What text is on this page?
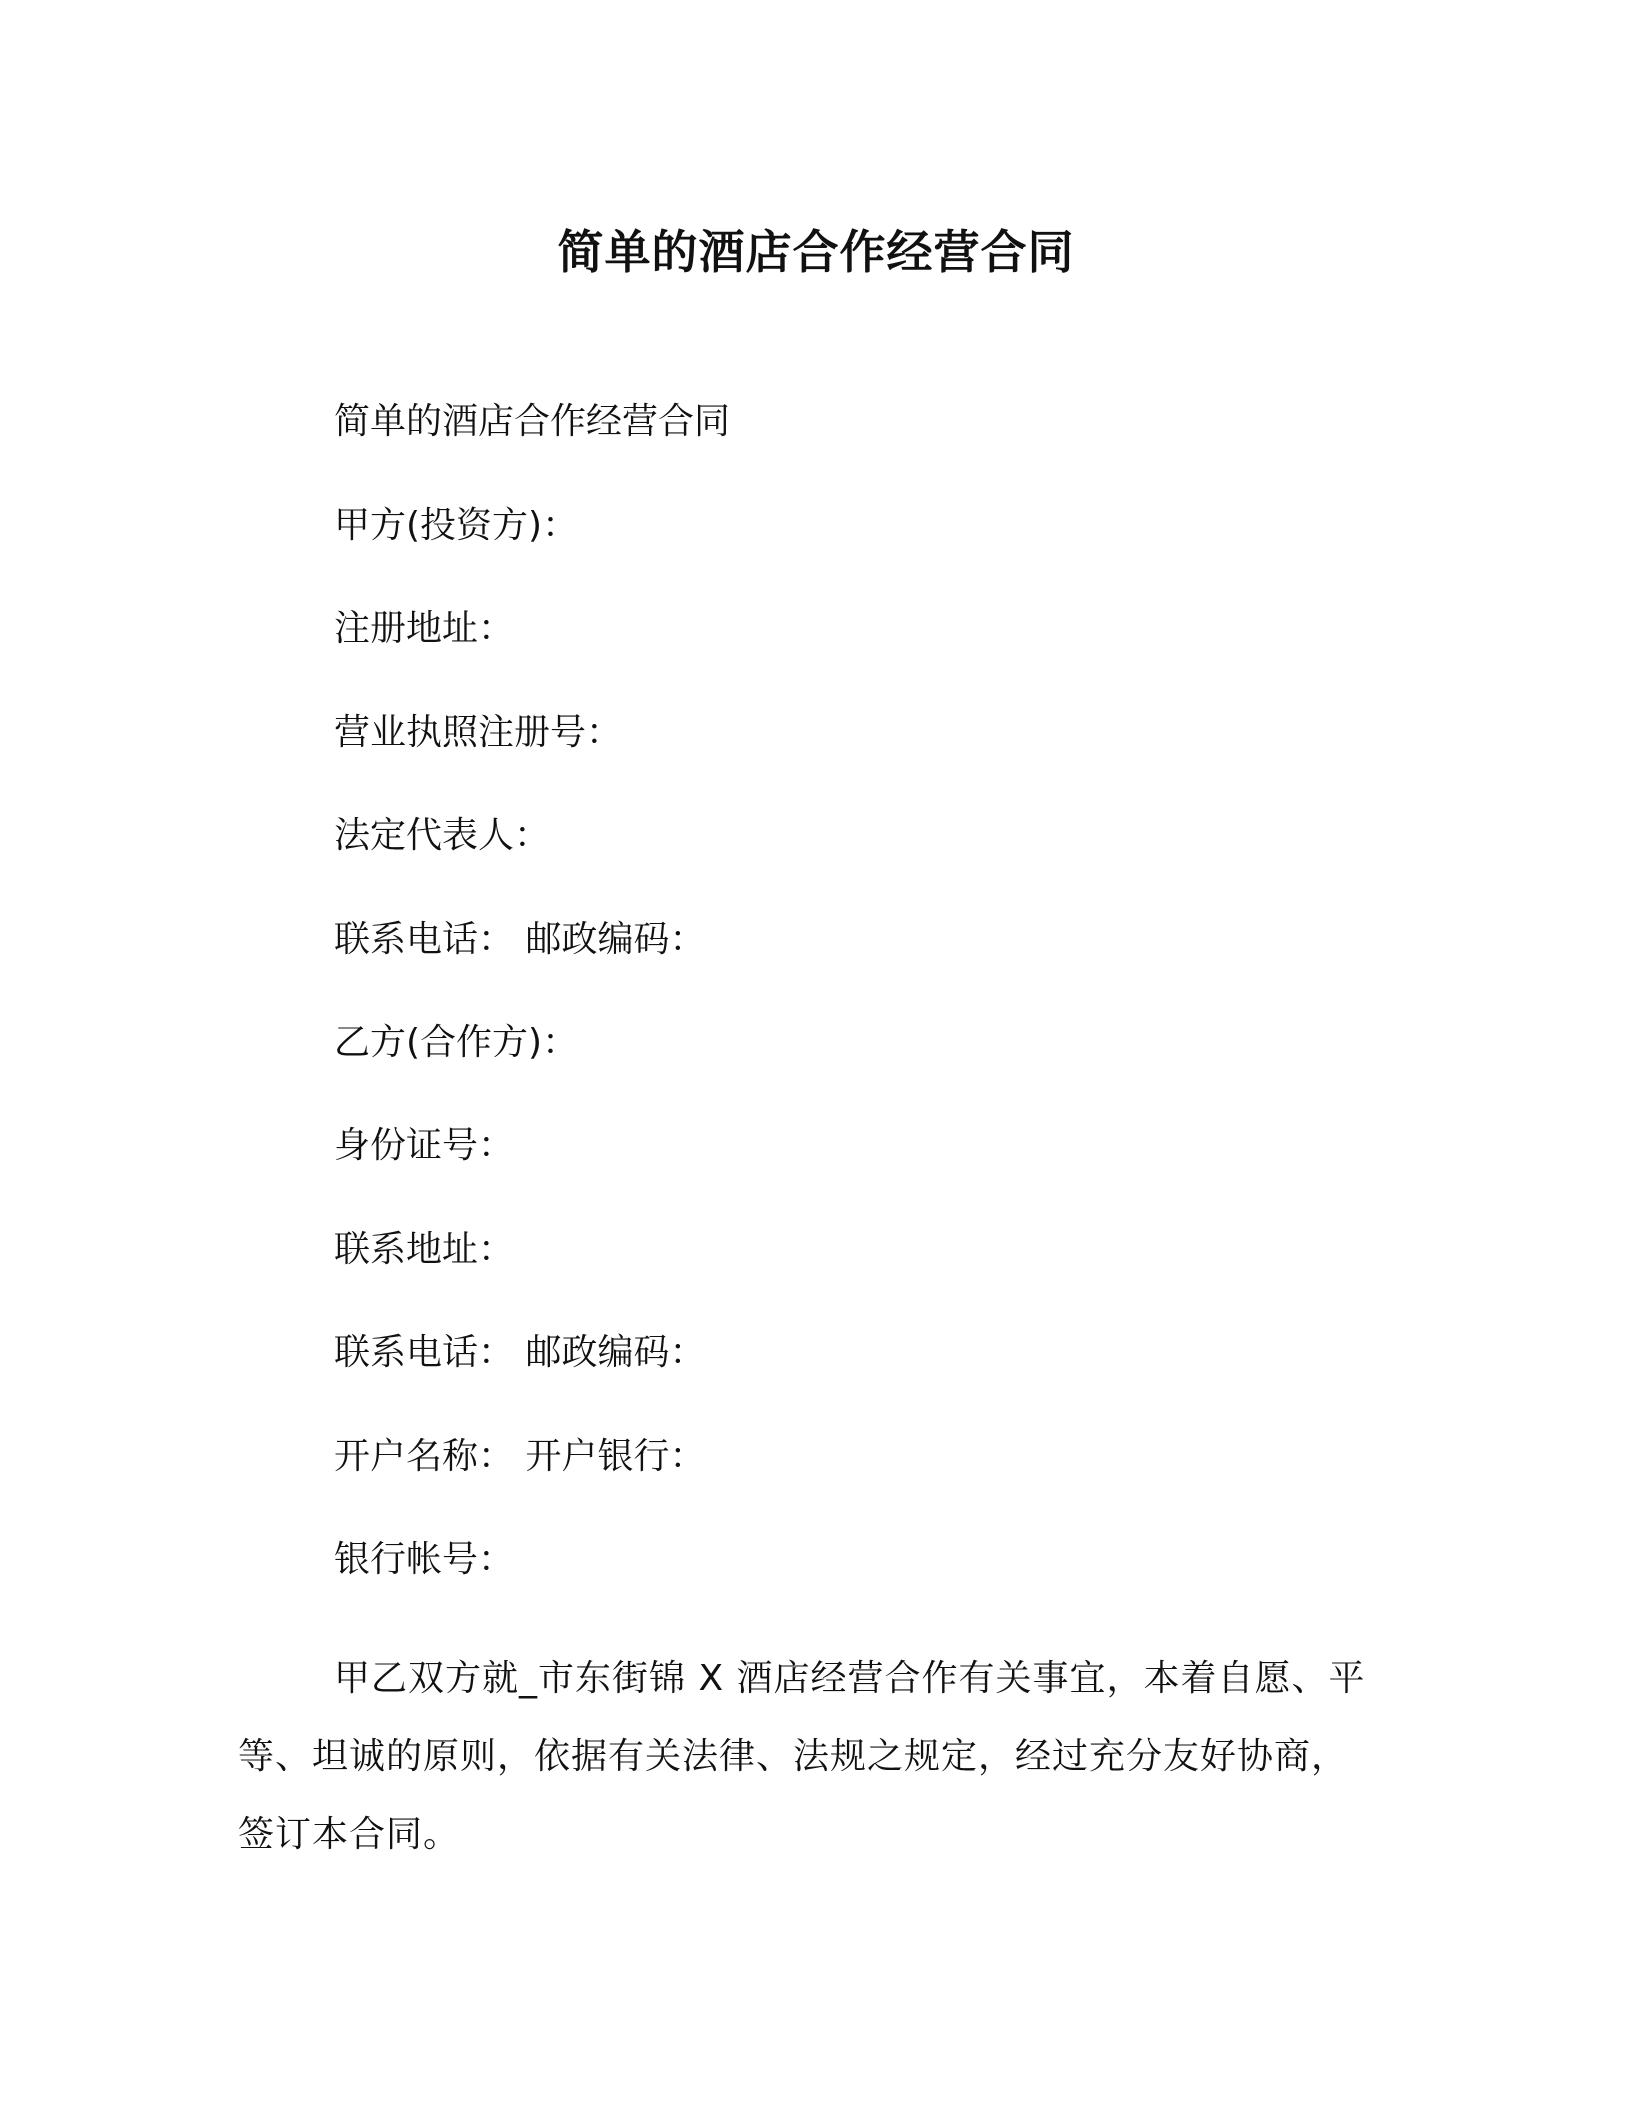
简单的酒店合作经营合同
简单的酒店合作经营合同
甲方(投资方)：
注册地址：
营业执照注册号：
法定代表人：
联系电话： 邮政编码：
乙方(合作方)：
身份证号：
联系地址：
联系电话： 邮政编码：
开户名称： 开户银行：
银行帐号：
甲乙双方就_市东街锦 X 酒店经营合作有关事宜，本着自愿、平等、坦诚的原则，依据有关法律、法规之规定，经过充分友好协商，签订本合同。
